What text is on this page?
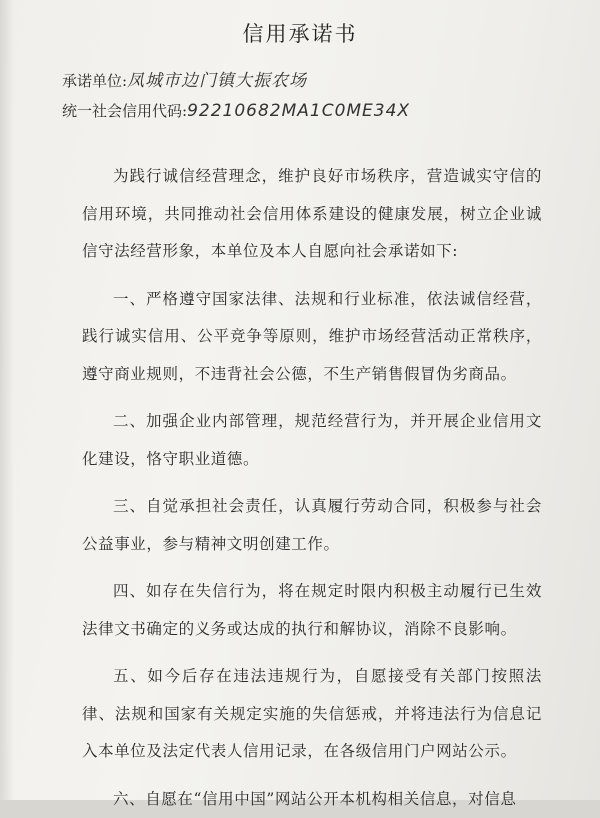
信用承诺书
承诺单位:凤城市边门镇大振农场
统一社会信用代码:92210682MA1C0ME34X

为践行诚信经营理念，维护良好市场秩序，营造诚实守信的信用环境，共同推动社会信用体系建设的健康发展，树立企业诚信守法经营形象，本单位及本人自愿向社会承诺如下:

一、严格遵守国家法律、法规和行业标准，依法诚信经营，践行诚实信用、公平竞争等原则，维护市场经营活动正常秩序，遵守商业规则，不违背社会公德，不生产销售假冒伪劣商品。

二、加强企业内部管理，规范经营行为，并开展企业信用文化建设，恪守职业道德。

三、自觉承担社会责任，认真履行劳动合同，积极参与社会公益事业，参与精神文明创建工作。

四、如存在失信行为，将在规定时限内积极主动履行已生效法律文书确定的义务或达成的执行和解协议，消除不良影响。

五、如今后存在违法违规行为，自愿接受有关部门按照法律、法规和国家有关规定实施的失信惩戒，并将违法行为信息记入本单位及法定代表人信用记录，在各级信用门户网站公示。

六、自愿在“信用中国”网站公开本机构相关信息，对信息
